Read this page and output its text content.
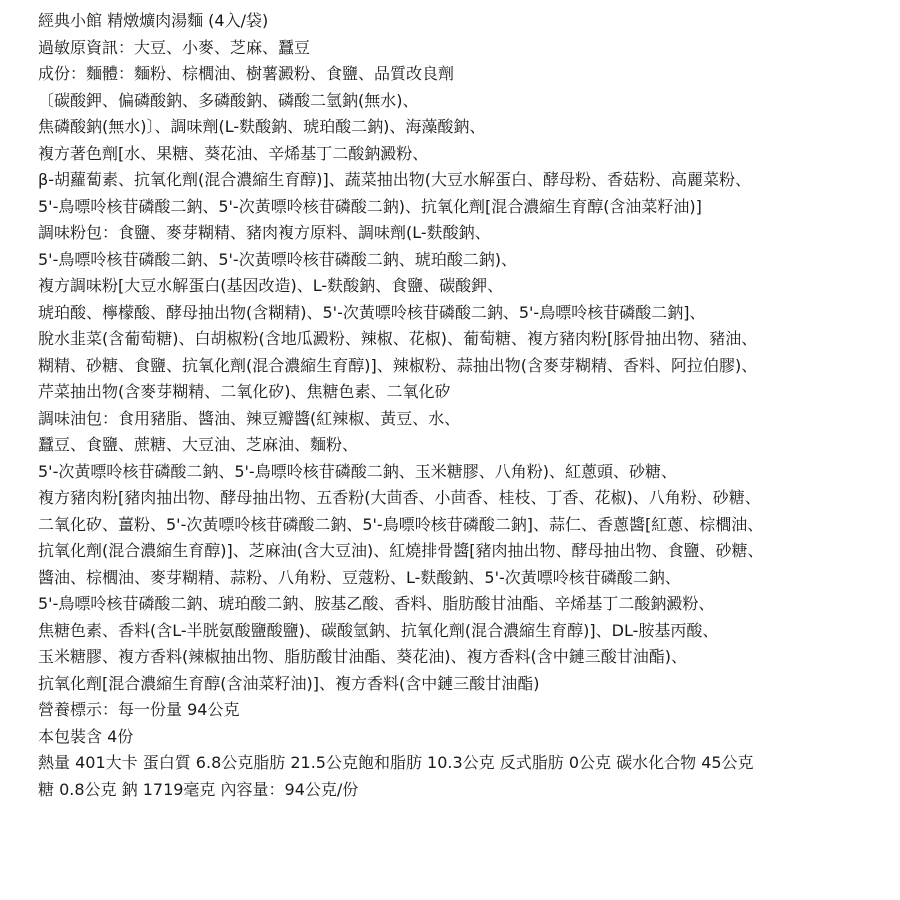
經典小館 精燉爌肉湯麵 (4入/袋)
過敏原資訊：大豆、小麥、芝麻、蠶豆
成份：麵體：麵粉、棕櫚油、樹薯澱粉、食鹽、品質改良劑
〔碳酸鉀、偏磷酸鈉、多磷酸鈉、磷酸二氫鈉(無水)、
焦磷酸鈉(無水)〕、調味劑(L-麩酸鈉、琥珀酸二鈉)、海藻酸鈉、
複方著色劑[水、果糖、葵花油、辛烯基丁二酸鈉澱粉、
β-胡蘿蔔素、抗氧化劑(混合濃縮生育醇)]、蔬菜抽出物(大豆水解蛋白、酵母粉、香菇粉、高麗菜粉、
5'-鳥嘌呤核苷磷酸二鈉、5'-次黃嘌呤核苷磷酸二鈉)、抗氧化劑[混合濃縮生育醇(含油菜籽油)]
調味粉包：食鹽、麥芽糊精、豬肉複方原料、調味劑(L-麩酸鈉、
5'-鳥嘌呤核苷磷酸二鈉、5'-次黃嘌呤核苷磷酸二鈉、琥珀酸二鈉)、
複方調味粉[大豆水解蛋白(基因改造)、L-麩酸鈉、食鹽、碳酸鉀、
琥珀酸、檸檬酸、酵母抽出物(含糊精)、5'-次黃嘌呤核苷磷酸二鈉、5'-鳥嘌呤核苷磷酸二鈉]、
脫水韭菜(含葡萄糖)、白胡椒粉(含地瓜澱粉、辣椒、花椒)、葡萄糖、複方豬肉粉[豚骨抽出物、豬油、
糊精、砂糖、食鹽、抗氧化劑(混合濃縮生育醇)]、辣椒粉、蒜抽出物(含麥芽糊精、香料、阿拉伯膠)、
芹菜抽出物(含麥芽糊精、二氧化矽)、焦糖色素、二氧化矽
調味油包：食用豬脂、醬油、辣豆瓣醬(紅辣椒、黃豆、水、
蠶豆、食鹽、蔗糖、大豆油、芝麻油、麵粉、
5'-次黃嘌呤核苷磷酸二鈉、5'-鳥嘌呤核苷磷酸二鈉、玉米糖膠、八角粉)、紅蔥頭、砂糖、
複方豬肉粉[豬肉抽出物、酵母抽出物、五香粉(大茴香、小茴香、桂枝、丁香、花椒)、八角粉、砂糖、
二氧化矽、薑粉、5'-次黃嘌呤核苷磷酸二鈉、5'-鳥嘌呤核苷磷酸二鈉]、蒜仁、香蔥醬[紅蔥、棕櫚油、
抗氧化劑(混合濃縮生育醇)]、芝麻油(含大豆油)、紅燒排骨醬[豬肉抽出物、酵母抽出物、食鹽、砂糖、
醬油、棕櫚油、麥芽糊精、蒜粉、八角粉、豆蔻粉、L-麩酸鈉、5'-次黃嘌呤核苷磷酸二鈉、
5'-鳥嘌呤核苷磷酸二鈉、琥珀酸二鈉、胺基乙酸、香料、脂肪酸甘油酯、辛烯基丁二酸鈉澱粉、
焦糖色素、香料(含L-半胱氨酸鹽酸鹽)、碳酸氫鈉、抗氧化劑(混合濃縮生育醇)]、DL-胺基丙酸、
玉米糖膠、複方香料(辣椒抽出物、脂肪酸甘油酯、葵花油)、複方香料(含中鏈三酸甘油酯)、
抗氧化劑[混合濃縮生育醇(含油菜籽油)]、複方香料(含中鏈三酸甘油酯)
營養標示：每一份量 94公克
本包裝含 4份
熱量 401大卡 蛋白質 6.8公克脂肪 21.5公克飽和脂肪 10.3公克 反式脂肪 0公克 碳水化合物 45公克
糖 0.8公克 鈉 1719毫克 內容量：94公克/份
